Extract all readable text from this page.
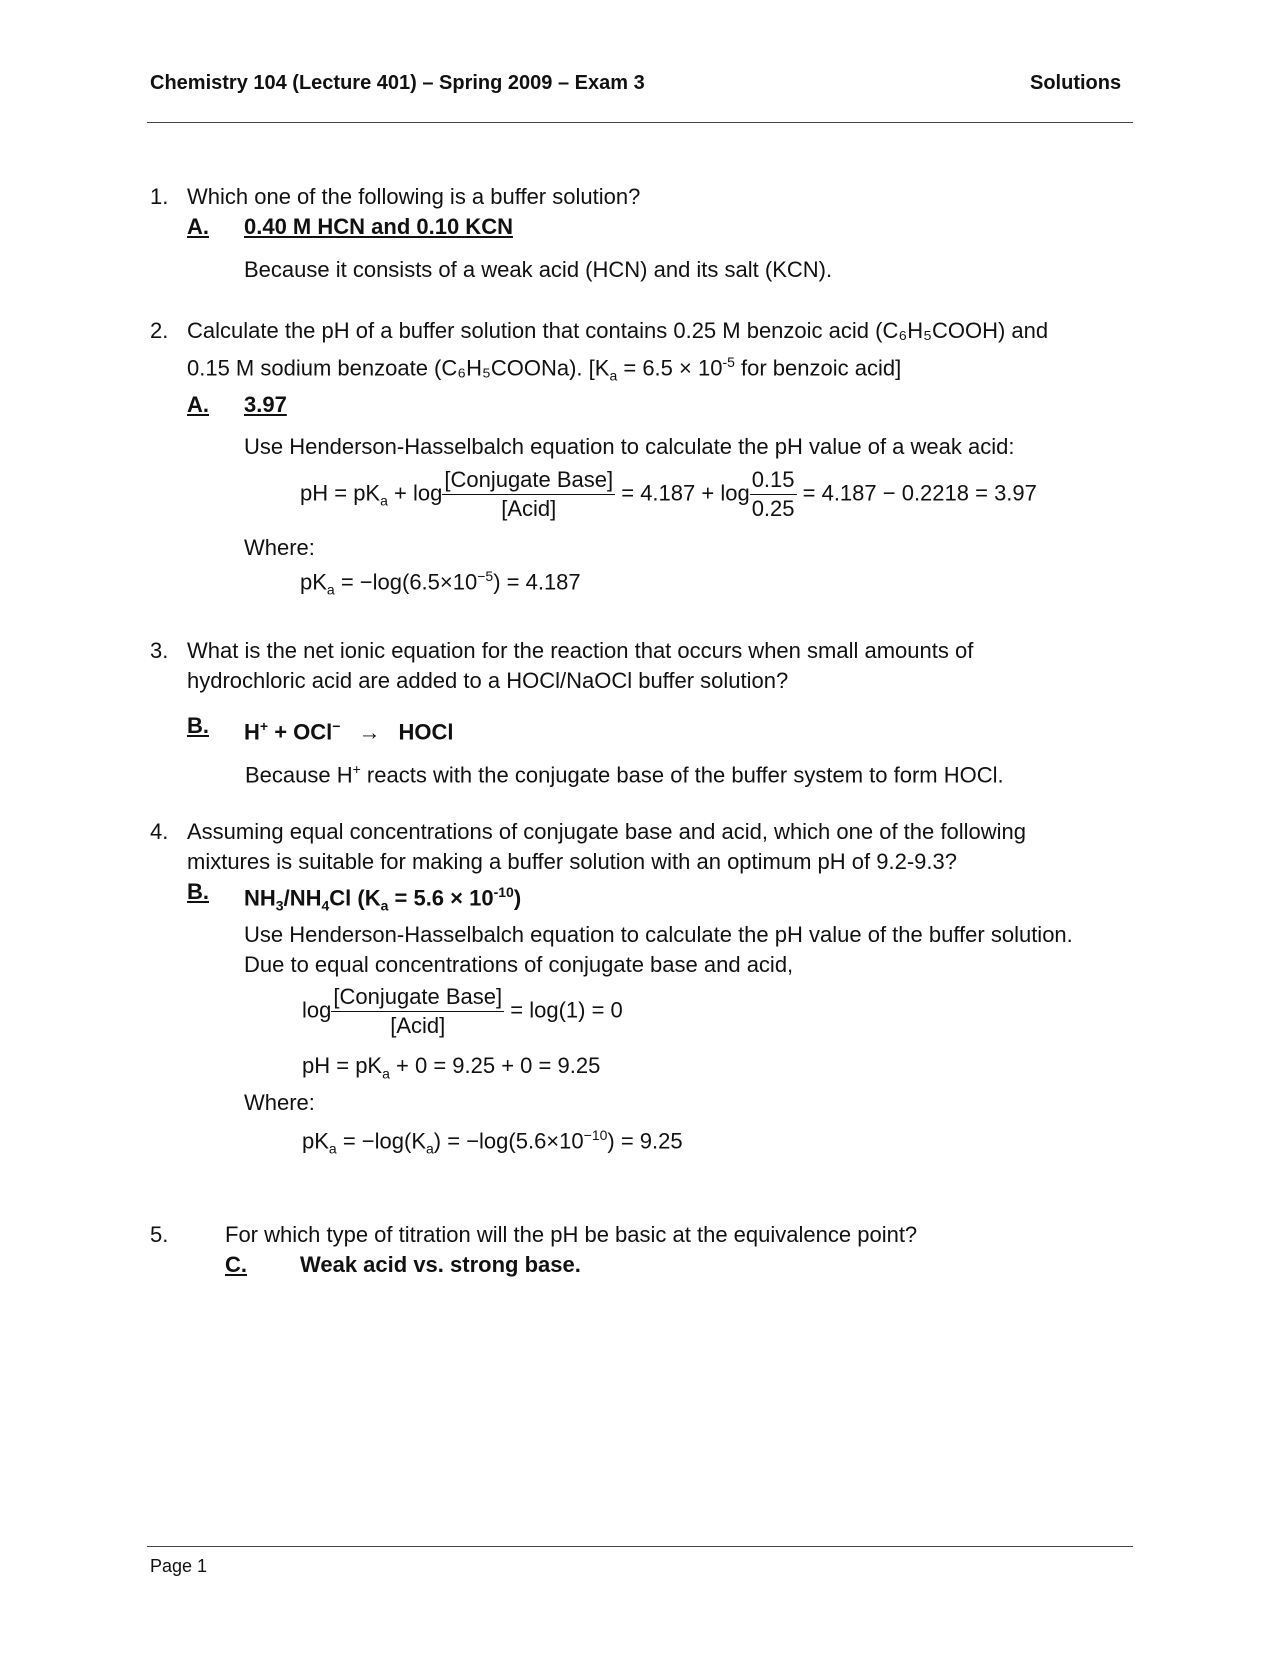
Chemistry 104 (Lecture 401) – Spring 2009 – Exam 3	Solutions
1. Which one of the following is a buffer solution?
A. 0.40 M HCN and 0.10 KCN
Because it consists of a weak acid (HCN) and its salt (KCN).
2. Calculate the pH of a buffer solution that contains 0.25 M benzoic acid (C₆H₅COOH) and
0.15 M sodium benzoate (C₆H₅COONa). [$K_a = 6.5 \times 10^{-5}$ for benzoic acid]
A. 3.97
Use Henderson-Hasselbalch equation to calculate the pH value of a weak acid:
pH = $pK_a + \log \frac{\text{[Conjugate Base]}}{\text{[Acid]}} = 4.187 + \log \frac{0.15}{0.25} = 4.187 - 0.2218 = 3.97$
Where:
$pK_a = -\log(6.5\times 10^{-5}) = 4.187$
3. What is the net ionic equation for the reaction that occurs when small amounts of
hydrochloric acid are added to a HOCl/NaOCl buffer solution?
B. H+ + OCl− → HOCl
Because H+ reacts with the conjugate base of the buffer system to form HOCl.
4. Assuming equal concentrations of conjugate base and acid, which one of the following
mixtures is suitable for making a buffer solution with an optimum pH of 9.2-9.3?
B. $NH_3/NH_4Cl$ $(K_a = 5.6 \times 10^{-10})$
Use Henderson-Hasselbalch equation to calculate the pH value of the buffer solution.
Due to equal concentrations of conjugate base and acid,
$\log \frac{\text{[Conjugate Base]}}{\text{[Acid]}} = \log(1) = 0$
pH = $pK_a + 0 = 9.25 + 0 = 9.25$
Where:
$pK_a = -\log(K_a) = -\log(5.6\times 10^{-10}) = 9.25$
5.	For which type of titration will the pH be basic at the equivalence point?
C. Weak acid vs. strong base.
Page 1
